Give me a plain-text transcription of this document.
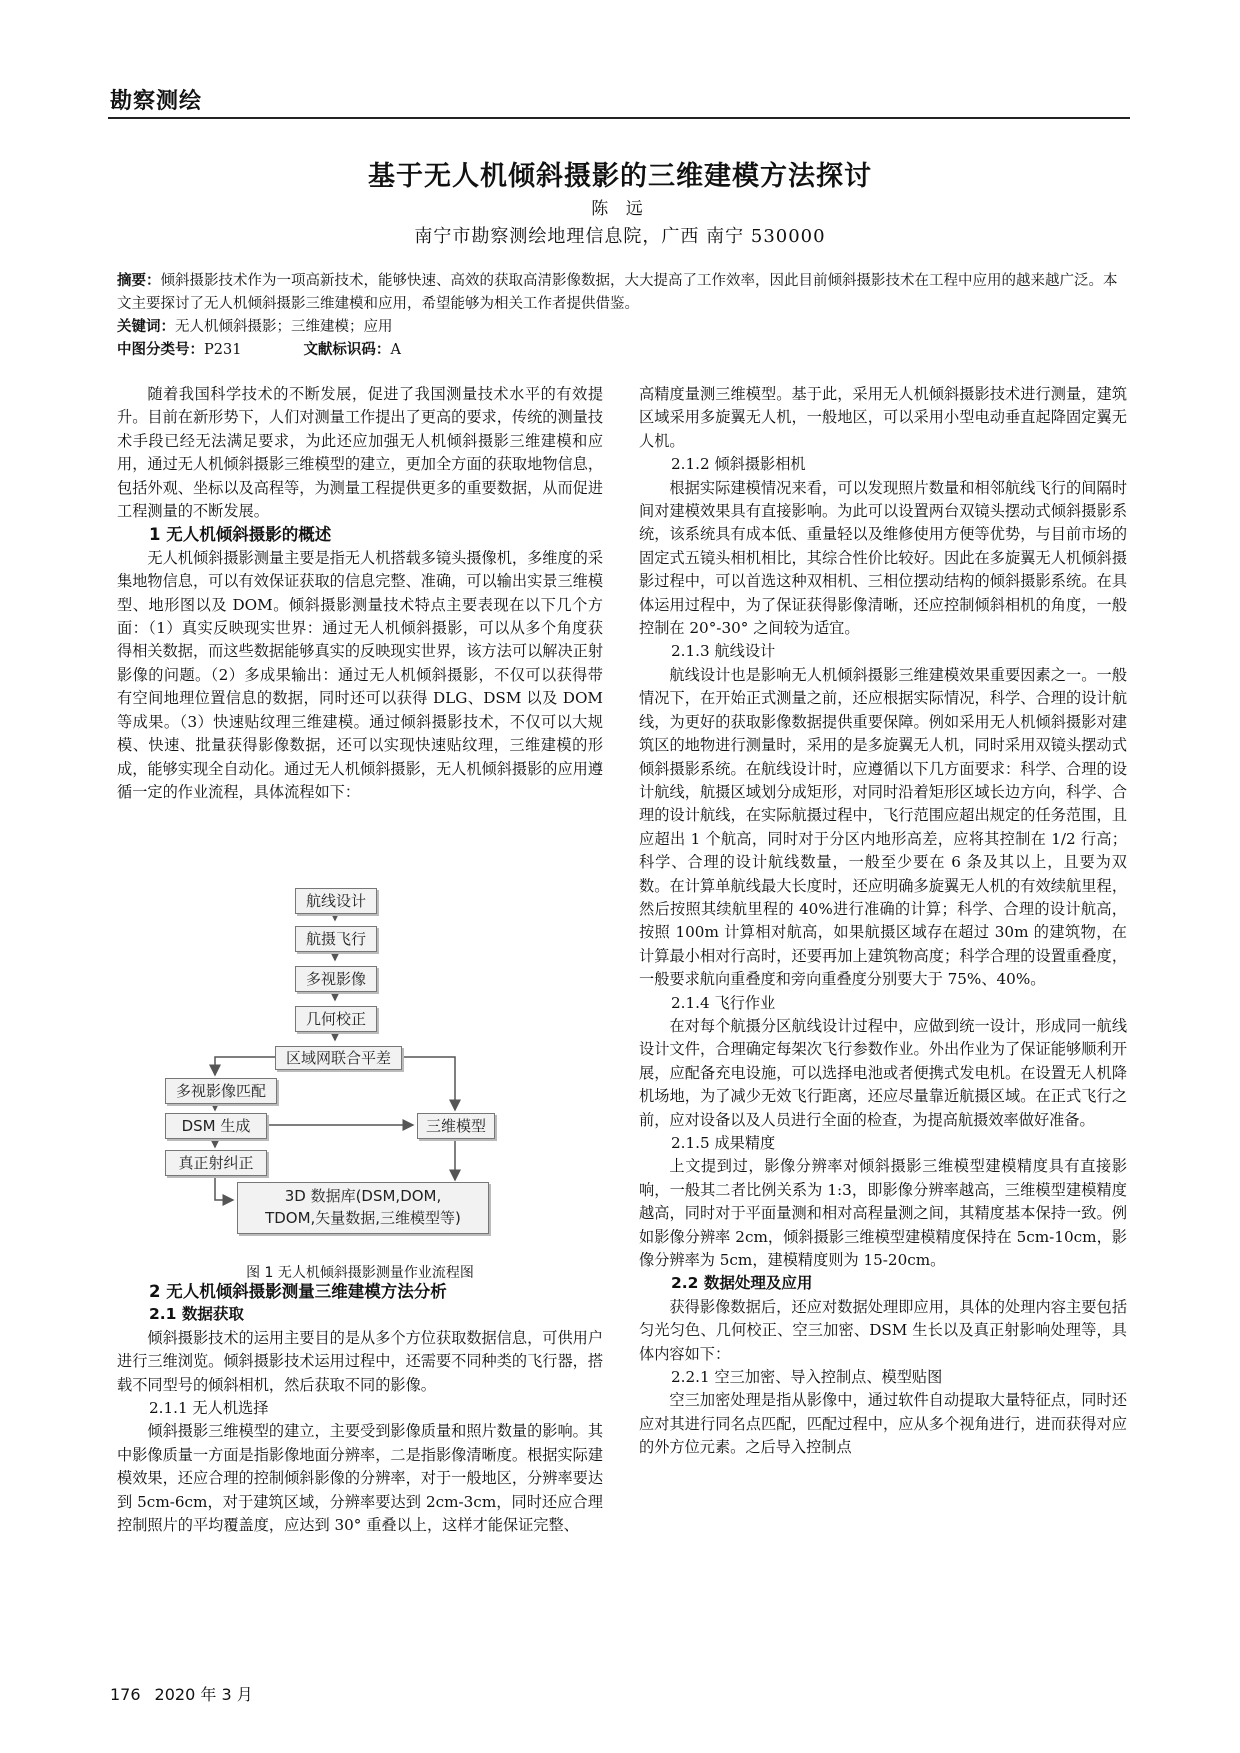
勘察测绘
基于无人机倾斜摄影的三维建模方法探讨
陈 远
南宁市勘察测绘地理信息院，广西 南宁 530000

摘要：倾斜摄影技术作为一项高新技术，能够快速、高效的获取高清影像数据，大大提高了工作效率，因此目前倾斜摄影技术在工程中应用的越来越广泛。本文主要探讨了无人机倾斜摄影三维建模和应用，希望能够为相关工作者提供借鉴。

关键词：无人机倾斜摄影；三维建模；应用

中图分类号：P231	文献标识码：A

随着我国科学技术的不断发展，促进了我国测量技术水平的有效提升。目前在新形势下，人们对测量工作提出了更高的要求，传统的测量技术手段已经无法满足要求，为此还应加强无人机倾斜摄影三维建模和应用，通过无人机倾斜摄影三维模型的建立，更加全方面的获取地物信息，包括外观、坐标以及高程等，为测量工程提供更多的重要数据，从而促进工程测量的不断发展。

1 无人机倾斜摄影的概述

无人机倾斜摄影测量主要是指无人机搭载多镜头摄像机，多维度的采集地物信息，可以有效保证获取的信息完整、准确，可以输出实景三维模型、地形图以及 DOM。倾斜摄影测量技术特点主要表现在以下几个方面：（1）真实反映现实世界：通过无人机倾斜摄影，可以从多个角度获得相关数据，而这些数据能够真实的反映现实世界，该方法可以解决正射影像的问题。（2）多成果输出：通过无人机倾斜摄影，不仅可以获得带有空间地理位置信息的数据，同时还可以获得 DLG、DSM 以及 DOM 等成果。（3）快速贴纹理三维建模。通过倾斜摄影技术，不仅可以大规模、快速、批量获得影像数据，还可以实现快速贴纹理，三维建模的形成，能够实现全自动化。通过无人机倾斜摄影，无人机倾斜摄影的应用遵循一定的作业流程，具体流程如下：

航线设计
航摄飞行
多视影像
几何校正
区域网联合平差
多视影像匹配
DSM 生成
真正射纠正
三维模型
3D 数据库(DSM,DOM,
TDOM,矢量数据,三维模型等)
图 1 无人机倾斜摄影测量作业流程图

2 无人机倾斜摄影测量三维建模方法分析

2.1 数据获取

倾斜摄影技术的运用主要目的是从多个方位获取数据信息，可供用户进行三维浏览。倾斜摄影技术运用过程中，还需要不同种类的飞行器，搭载不同型号的倾斜相机，然后获取不同的影像。

2.1.1 无人机选择

倾斜摄影三维模型的建立，主要受到影像质量和照片数量的影响。其中影像质量一方面是指影像地面分辨率，二是指影像清晰度。根据实际建模效果，还应合理的控制倾斜影像的分辨率，对于一般地区，分辨率要达到 5cm-6cm，对于建筑区域，分辨率要达到 2cm-3cm，同时还应合理控制照片的平均覆盖度，应达到 30° 重叠以上，这样才能保证完整、

高精度量测三维模型。基于此，采用无人机倾斜摄影技术进行测量，建筑区域采用多旋翼无人机，一般地区，可以采用小型电动垂直起降固定翼无人机。

2.1.2 倾斜摄影相机

根据实际建模情况来看，可以发现照片数量和相邻航线飞行的间隔时间对建模效果具有直接影响。为此可以设置两台双镜头摆动式倾斜摄影系统，该系统具有成本低、重量轻以及维修使用方便等优势，与目前市场的固定式五镜头相机相比，其综合性价比较好。因此在多旋翼无人机倾斜摄影过程中，可以首选这种双相机、三相位摆动结构的倾斜摄影系统。在具体运用过程中，为了保证获得影像清晰，还应控制倾斜相机的角度，一般控制在 20°-30° 之间较为适宜。

2.1.3 航线设计

航线设计也是影响无人机倾斜摄影三维建模效果重要因素之一。一般情况下，在开始正式测量之前，还应根据实际情况，科学、合理的设计航线，为更好的获取影像数据提供重要保障。例如采用无人机倾斜摄影对建筑区的地物进行测量时，采用的是多旋翼无人机，同时采用双镜头摆动式倾斜摄影系统。在航线设计时，应遵循以下几方面要求：科学、合理的设计航线，航摄区域划分成矩形，对同时沿着矩形区域长边方向，科学、合理的设计航线，在实际航摄过程中，飞行范围应超出规定的任务范围，且应超出 1 个航高，同时对于分区内地形高差，应将其控制在 1/2 行高；科学、合理的设计航线数量，一般至少要在 6 条及其以上，且要为双数。在计算单航线最大长度时，还应明确多旋翼无人机的有效续航里程，然后按照其续航里程的 40%进行准确的计算；科学、合理的设计航高，按照 100m 计算相对航高，如果航摄区域存在超过 30m 的建筑物，在计算最小相对行高时，还要再加上建筑物高度；科学合理的设置重叠度，一般要求航向重叠度和旁向重叠度分别要大于 75%、40%。

2.1.4 飞行作业

在对每个航摄分区航线设计过程中，应做到统一设计，形成同一航线设计文件，合理确定每架次飞行参数作业。外出作业为了保证能够顺利开展，应配备充电设施，可以选择电池或者便携式发电机。在设置无人机降机场地，为了减少无效飞行距离，还应尽量靠近航摄区域。在正式飞行之前，应对设备以及人员进行全面的检查，为提高航摄效率做好准备。

2.1.5 成果精度

上文提到过，影像分辨率对倾斜摄影三维模型建模精度具有直接影响，一般其二者比例关系为 1:3，即影像分辨率越高，三维模型建模精度越高，同时对于平面量测和相对高程量测之间，其精度基本保持一致。例如影像分辨率 2cm，倾斜摄影三维模型建模精度保持在 5cm-10cm，影像分辨率为 5cm，建模精度则为 15-20cm。

2.2 数据处理及应用

获得影像数据后，还应对数据处理即应用，具体的处理内容主要包括匀光匀色、几何校正、空三加密、DSM 生长以及真正射影响处理等，具体内容如下：

2.2.1 空三加密、导入控制点、模型贴图

空三加密处理是指从影像中，通过软件自动提取大量特征点，同时还应对其进行同名点匹配，匹配过程中，应从多个视角进行，进而获得对应的外方位元素。之后导入控制点

176 2020 年 3 月
